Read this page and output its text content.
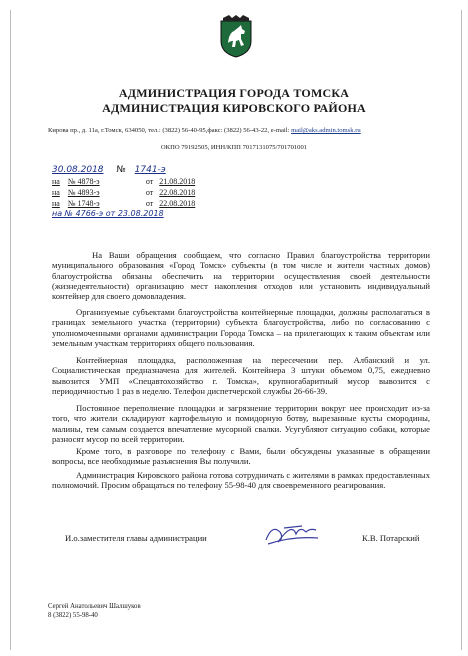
АДМИНИСТРАЦИЯ ГОРОДА ТОМСКА
АДМИНИСТРАЦИЯ КИРОВСКОГО РАЙОНА
Кирова пр., д. 11а, г.Томск, 634050, тел.: (3822) 56-40-95,факс: (3822) 56-43-22, e-mail: mail@aks.admin.tomsk.ru
ОКПО 79192505, ИНН/КПП 7017131075/701701001
30.08.2018 № 1741-э
на № 4878-э	от 21.08.2018
на № 4893-э	от 22.08.2018
на № 1748-э	от 22.08.2018
на № 4766-э от 23.08.2018
На Ваши обращения сообщаем, что согласно Правил благоустройства территории муниципального образования «Город Томск» субъекты (в том числе и жители частных домов) благоустройства обязаны обеспечить на территории осуществления своей деятельности (жизнедеятельности) организацию мест накопления отходов или установить индивидуальный контейнер для своего домовладения.
Организуемые субъектами благоустройства контейнерные площадки, должны располагаться в границах земельного участка (территории) субъекта благоустройства, либо по согласованию с уполномоченными органами администрации Города Томска – на прилегающих к таким объектам или земельным участкам территориях общего пользования.
Контейнерная площадка, расположенная на пересечении пер. Албанский и ул. Социалистическая предназначена для жителей. Контейнера 3 штуки объемом 0,75, ежедневно вывозится УМП «Спецавтохозяйство г. Томска», крупногабаритный мусор вывозится с периодичностью 1 раз в неделю. Телефон диспетчерской службы 26-66-39.
Постоянное переполнение площадки и загрязнение территории вокруг нее происходит из-за того, что жители складируют картофельную и помидорную ботву, вырезанные кусты смородины, малины, тем самым создается впечатление мусорной свалки. Усугубляют ситуацию собаки, которые разносят мусор по всей территории.
Кроме того, в разговоре по телефону с Вами, были обсуждены указанные в обращении вопросы, все необходимые разъяснения Вы получили.
Администрация Кировского района готова сотрудничать с жителями в рамках предоставленных полномочий. Просим обращаться по телефону 55-98-40 для своевременного реагирования.
И.о.заместителя главы администрации	К.В. Потарский
Сергей Анатольевич Шалшуков
8 (3822) 55-98-40
